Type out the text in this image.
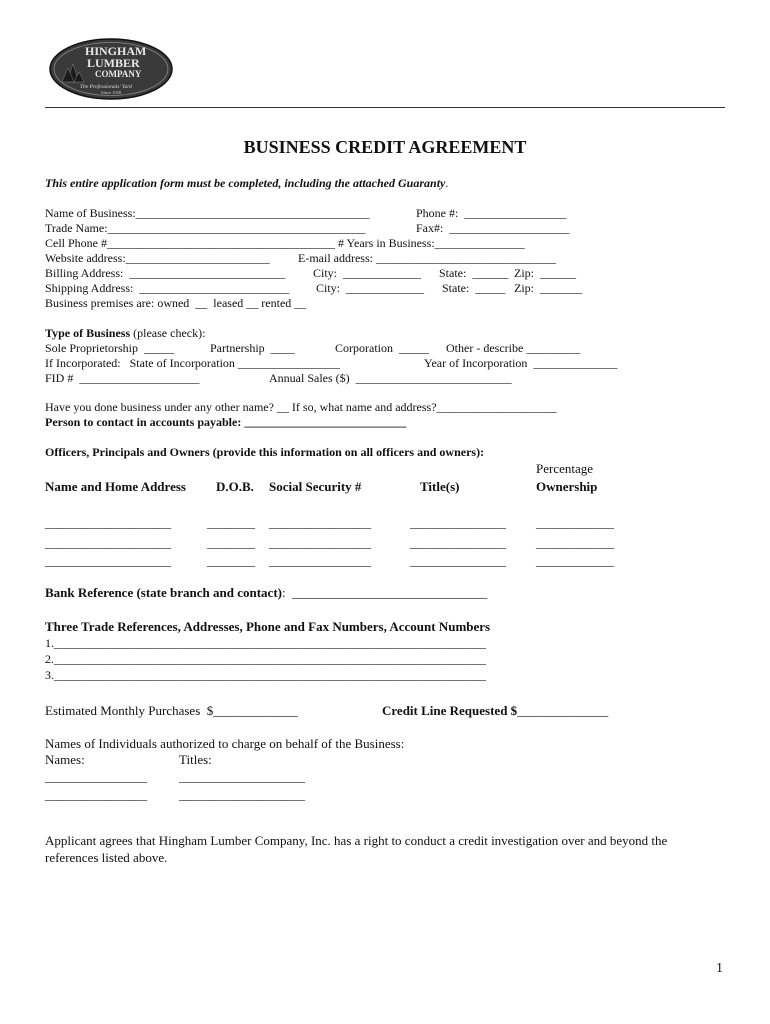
HINGHAM
LUMBER
COMPANY
The Professionals' Yard
Since 1958
BUSINESS CREDIT AGREEMENT
This entire application form must be completed, including the attached Guaranty.
Name of Business:_______________________________________	Phone #:  _________________
Trade Name:___________________________________________	Fax#:  ____________________
Cell Phone #______________________________________ # Years in Business:_______________
Website address:________________________ E-mail address: ______________________________
Billing Address:  __________________________ City:  _____________ State:  ______ Zip:  ______
Shipping Address:  _________________________ City:  _____________ State:  _____ Zip:  _______
Business premises are: owned  __  leased __ rented __
Type of Business (please check):
Sole Proprietorship  _____	Partnership  ____	Corporation  _____ Other - describe _________
If Incorporated:   State of Incorporation _________________	Year of Incorporation  ______________
FID #  ____________________	Annual Sales ($)  __________________________
Have you done business under any other name? __ If so, what name and address?____________________
Person to contact in accounts payable: ___________________________
Officers, Principals and Owners (provide this information on all officers and owners):
Percentage
Name and Home Address D.O.B. Social Security #	Title(s)	Ownership
_____________________	________ _________________	________________	_____________
_____________________	________ _________________	________________	_____________
_____________________	________ _________________	________________	_____________
Bank Reference (state branch and contact):  ______________________________
Three Trade References, Addresses, Phone and Fax Numbers, Account Numbers
1.________________________________________________________________________
2.________________________________________________________________________
3.________________________________________________________________________
Estimated Monthly Purchases  $_____________	Credit Line Requested $______________
Names of Individuals authorized to charge on behalf of the Business:
Names:	Titles:
_________________	_____________________
_________________	_____________________
Applicant agrees that Hingham Lumber Company, Inc. has a right to conduct a credit investigation over and beyond the
references listed above.
1
